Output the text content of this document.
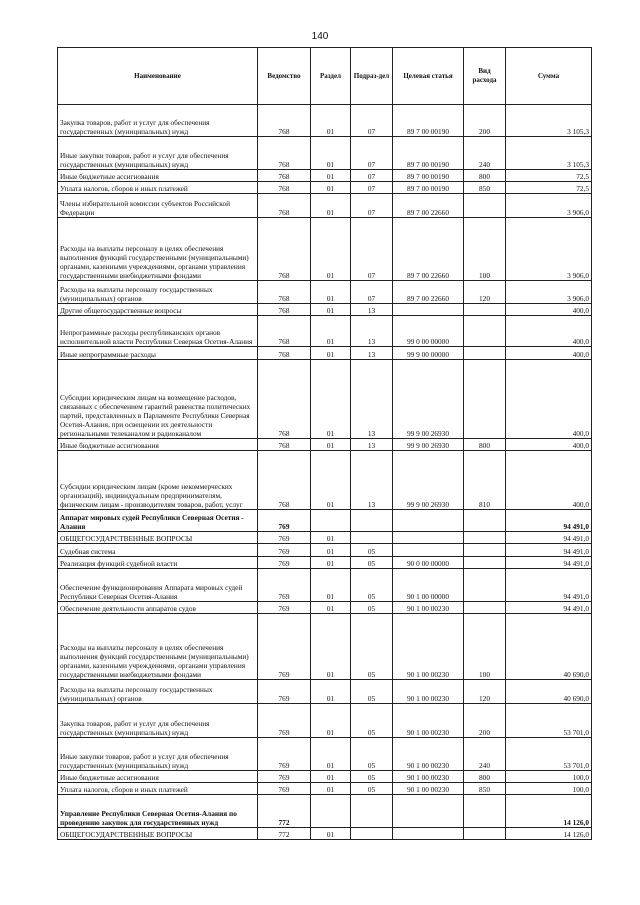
140
Наименование	Ведомство	Раздел	Подраз-дел	Целевая статья	Вид расхода	Сумма
Закупка товаров, работ и услуг для обеспечения государственных (муниципальных) нужд	768	01	07	89 7 00 00190	200	3 105,3
Иные закупки товаров, работ и услуг для обеспечения государственных (муниципальных) нужд	768	01	07	89 7 00 00190	240	3 105,3
Иные бюджетные ассигнования	768	01	07	89 7 00 00190	800	72,5
Уплата налогов, сборов и иных платежей	768	01	07	89 7 00 00190	850	72,5
Члены избирательной комиссии субъектов Российской Федерации	768	01	07	89 7 00 22660		3 906,0
Расходы на выплаты персоналу в целях обеспечения выполнения функций государственными (муниципальными) органами, казенными учреждениями, органами управления государственными внебюджетными фондами	768	01	07	89 7 00 22660	100	3 906,0
Расходы на выплаты персоналу государственных (муниципальных) органов	768	01	07	89 7 00 22660	120	3 906,0
Другие общегосударственные вопросы	768	01	13			400,0
Непрограммные расходы республиканских органов исполнительной власти Республики Северная Осетия-Алания	768	01	13	99 0 00 00000		400,0
Иные непрограммные расходы	768	01	13	99 9 00 00000		400,0
Субсидии юридическим лицам на возмещение расходов, связанных с обеспечением гарантий равенства политических партий, представленных в Парламенте Республики Северная Осетия-Алания, при освещении их деятельности региональными телеканалом и радиоканалом	768	01	13	99 9 00 26930		400,0
Иные бюджетные ассигнования	768	01	13	99 9 00 26930	800	400,0
Субсидии юридическим лицам (кроме некоммерческих организаций), индивидуальным предпринимателям, физическим лицам - производителям товаров, работ, услуг	768	01	13	99 9 00 26930	810	400,0
Аппарат мировых судей Республики Северная Осетия - Алания	769					94 491,0
ОБЩЕГОСУДАРСТВЕННЫЕ ВОПРОСЫ	769	01				94 491,0
Судебная система	769	01	05			94 491,0
Реализация функций судебной власти	769	01	05	90 0 00 00000		94 491,0
Обеспечение функционирования Аппарата мировых судей Республики Северная Осетия-Алания	769	01	05	90 1 00 00000		94 491,0
Обеспечение деятельности аппаратов судов	769	01	05	90 1 00 00230		94 491,0
Расходы на выплаты персоналу в целях обеспечения выполнения функций государственными (муниципальными) органами, казенными учреждениями, органами управления государственными внебюджетными фондами	769	01	05	90 1 00 00230	100	40 690,0
Расходы на выплаты персоналу государственных (муниципальных) органов	769	01	05	90 1 00 00230	120	40 690,0
Закупка товаров, работ и услуг для обеспечения государственных (муниципальных) нужд	769	01	05	90 1 00 00230	200	53 701,0
Иные закупки товаров, работ и услуг для обеспечения государственных (муниципальных) нужд	769	01	05	90 1 00 00230	240	53 701,0
Иные бюджетные ассигнования	769	01	05	90 1 00 00230	800	100,0
Уплата налогов, сборов и иных платежей	769	01	05	90 1 00 00230	850	100,0
Управление Республики Северная Осетия-Алания по проведению закупок для государственных нужд	772					14 126,0
ОБЩЕГОСУДАРСТВЕННЫЕ ВОПРОСЫ	772	01				14 126,0
